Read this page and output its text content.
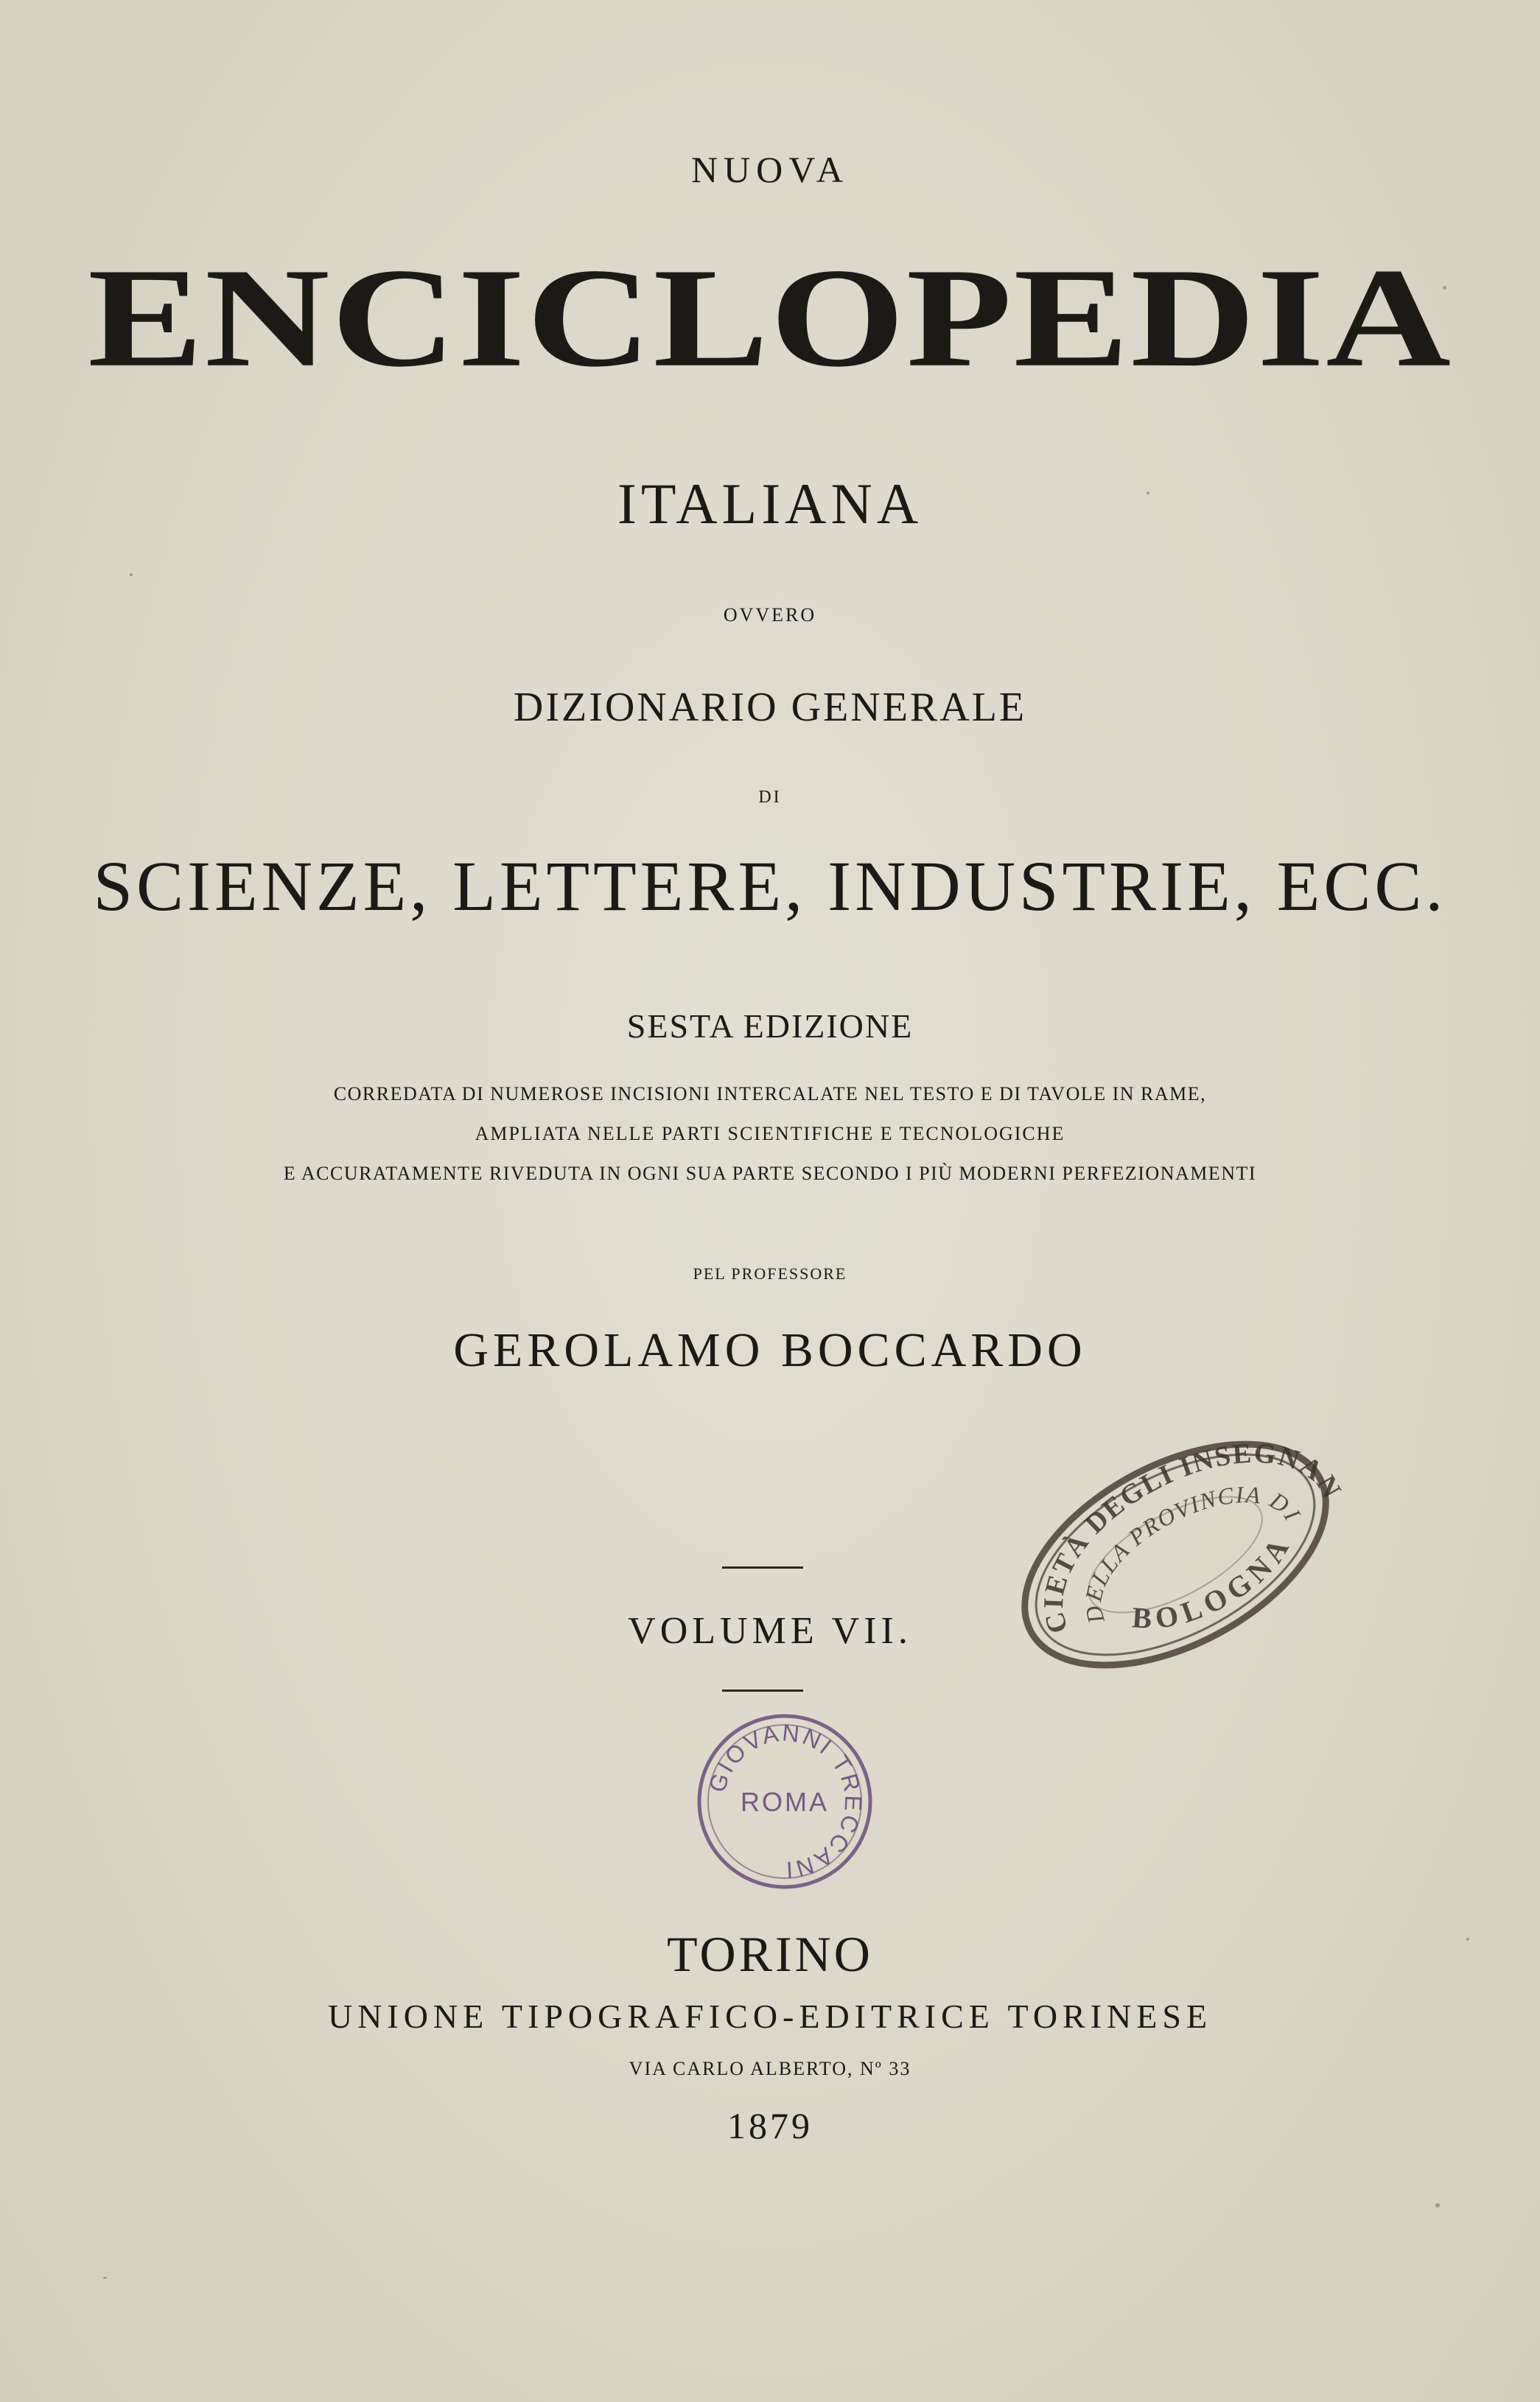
NUOVA
ENCICLOPEDIA
ITALIANA
OVVERO
DIZIONARIO GENERALE
DI
SCIENZE, LETTERE, INDUSTRIE, ECC.
SESTA EDIZIONE
CORREDATA DI NUMEROSE INCISIONI INTERCALATE NEL TESTO E DI TAVOLE IN RAME,
AMPLIATA NELLE PARTI SCIENTIFICHE E TECNOLOGICHE
E ACCURATAMENTE RIVEDUTA IN OGNI SUA PARTE SECONDO I PIÙ MODERNI PERFEZIONAMENTI
PEL PROFESSORE
GEROLAMO BOCCARDO
VOLUME VII.
TORINO
UNIONE TIPOGRAFICO-EDITRICE TORINESE
VIA CARLO ALBERTO, Nº 33
1879
SOCIETÀ DEGLI INSEGNANTI
DELLA PROVINCIA DI
BOLOGNA
GIOVANNI TRECCANI
ROMA
